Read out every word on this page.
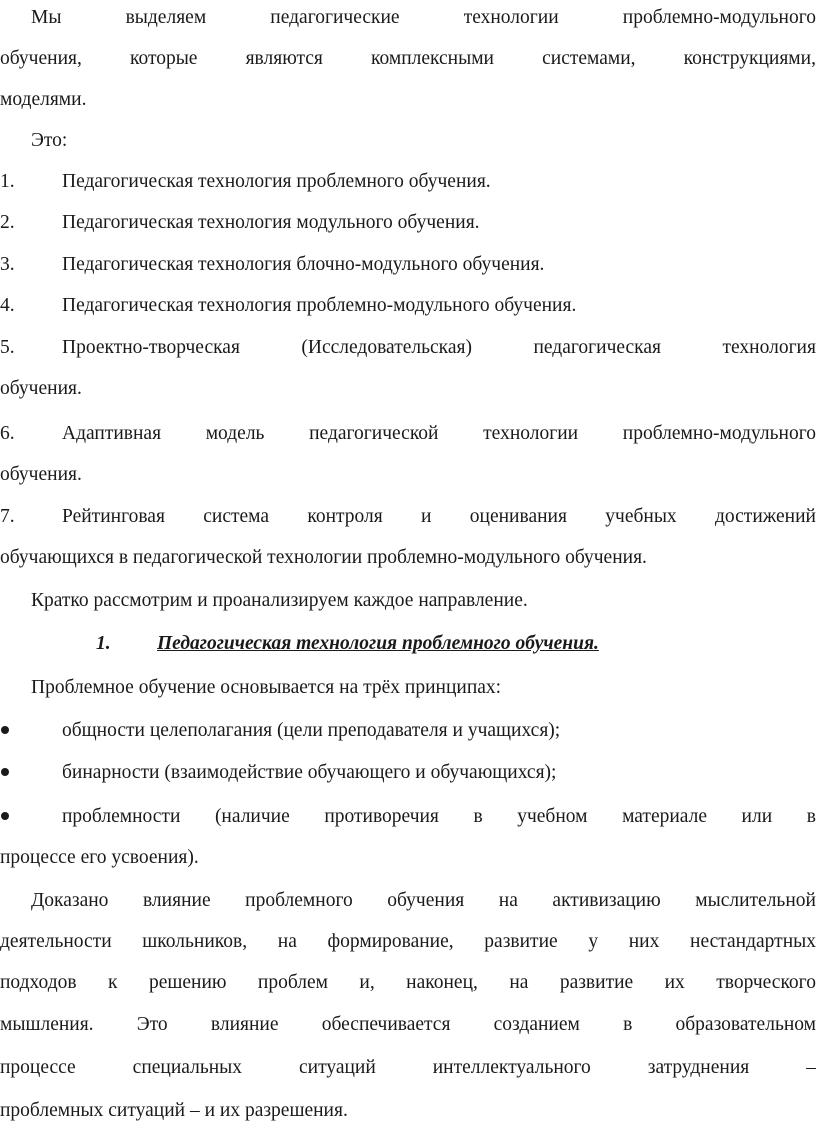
Мы	выделяем	педагогические	технологии	проблемно-модульного
обучения, которые являются комплексными системами, конструкциями,
моделями.
Это:
1. Педагогическая технология проблемного обучения.
2. Педагогическая технология модульного обучения.
3. Педагогическая технология блочно-модульного обучения.
4. Педагогическая технология проблемно-модульного обучения.
5. Проектно-творческая	(Исследовательская)	педагогическая	технология
обучения.
6. Адаптивная модель педагогической технологии проблемно-модульного
обучения.
7. Рейтинговая система контроля и оценивания учебных достижений
обучающихся в педагогической технологии проблемно-модульного обучения.
Кратко рассмотрим и проанализируем каждое направление.
1. Педагогическая технология проблемного обучения.
Проблемное обучение основывается на трёх принципах:
общности целеполагания (цели преподавателя и учащихся);
бинарности (взаимодействие обучающего и обучающихся);
проблемности (наличие противоречия в учебном материале или в
процессе его усвоения).
Доказано влияние проблемного обучения на активизацию мыслительной
деятельности школьников, на формирование, развитие у них нестандартных
подходов к решению проблем и, наконец, на развитие их творческого
мышления. Это влияние обеспечивается созданием в образовательном
процессе	специальных	ситуаций	интеллектуального	затруднения	–
проблемных ситуаций – и их разрешения.
